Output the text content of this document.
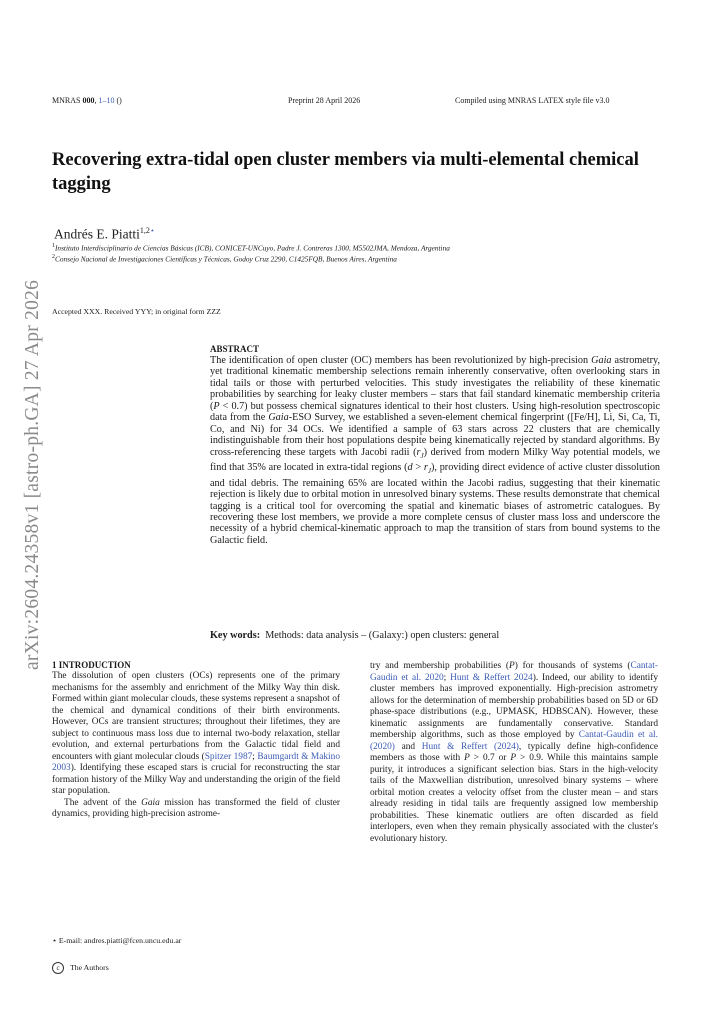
MNRAS 000, 1–10 ()	Preprint 28 April 2026	Compiled using MNRAS LATEX style file v3.0
arXiv:2604.24358v1 [astro-ph.GA] 27 Apr 2026
Recovering extra-tidal open cluster members via multi-elemental chemical tagging
Andrés E. Piatti$^{1,2⋆}$
$^1$Instituto Interdisciplinario de Ciencias Básicas (ICB), CONICET-UNCuyo, Padre J. Contreras 1300, M5502JMA, Mendoza, Argentina
$^2$Consejo Nacional de Investigaciones Científicas y Técnicas, Godoy Cruz 2290, C1425FQB, Buenos Aires, Argentina
Accepted XXX. Received YYY; in original form ZZZ

ABSTRACT

The identification of open cluster (OC) members has been revolutionized by high-precision Gaia astrometry, yet traditional kinematic membership selections remain inherently conservative, often overlooking stars in tidal tails or those with perturbed velocities. This study investigates the reliability of these kinematic probabilities by searching for leaky cluster members – stars that fail standard kinematic membership criteria (P < 0.7) but possess chemical signatures identical to their host clusters. Using high-resolution spectroscopic data from the Gaia-ESO Survey, we established a seven-element chemical fingerprint ([Fe/H], Li, Si, Ca, Ti, Co, and Ni) for 34 OCs. We identified a sample of 63 stars across 22 clusters that are chemically indistinguishable from their host populations despite being kinematically rejected by standard algorithms. By cross-referencing these targets with Jacobi radii $(r_J)$ derived from modern Milky Way potential models, we find that 35% are located in extra-tidal regions $(d > r_J)$, providing direct evidence of active cluster dissolution and tidal debris. The remaining 65% are located within the Jacobi radius, suggesting that their kinematic rejection is likely due to orbital motion in unresolved binary systems. These results demonstrate that chemical tagging is a critical tool for overcoming the spatial and kinematic biases of astrometric catalogues. By recovering these lost members, we provide a more complete census of cluster mass loss and underscore the necessity of a hybrid chemical-kinematic approach to map the transition of stars from bound systems to the Galactic field.

Key words: Methods: data analysis – (Galaxy:) open clusters: general

1 INTRODUCTION

The dissolution of open clusters (OCs) represents one of the primary mechanisms for the assembly and enrichment of the Milky Way thin disk. Formed within giant molecular clouds, these systems represent a snapshot of the chemical and dynamical conditions of their birth environments. However, OCs are transient structures; throughout their lifetimes, they are subject to continuous mass loss due to internal two-body relaxation, stellar evolution, and external perturbations from the Galactic tidal field and encounters with giant molecular clouds (Spitzer 1987; Baumgardt & Makino 2003). Identifying these escaped stars is crucial for reconstructing the star formation history of the Milky Way and understanding the origin of the field star population.

The advent of the Gaia mission has transformed the field of cluster dynamics, providing high-precision astrome-

try and membership probabilities (P) for thousands of systems (Cantat-Gaudin et al. 2020; Hunt & Reffert 2024). Indeed, our ability to identify cluster members has improved exponentially. High-precision astrometry allows for the determination of membership probabilities based on 5D or 6D phase-space distributions (e.g., UPMASK, HDBSCAN). However, these kinematic assignments are fundamentally conservative. Standard membership algorithms, such as those employed by Cantat-Gaudin et al. (2020) and Hunt & Reffert (2024), typically define high-confidence members as those with P > 0.7 or P > 0.9. While this maintains sample purity, it introduces a significant selection bias. Stars in the high-velocity tails of the Maxwellian distribution, unresolved binary systems – where orbital motion creates a velocity offset from the cluster mean – and stars already residing in tidal tails are frequently assigned low membership probabilities. These kinematic outliers are often discarded as field interlopers, even when they remain physically associated with the cluster's evolutionary history.

⋆ E-mail: andres.piatti@fcen.uncu.edu.ar
c The Authors
